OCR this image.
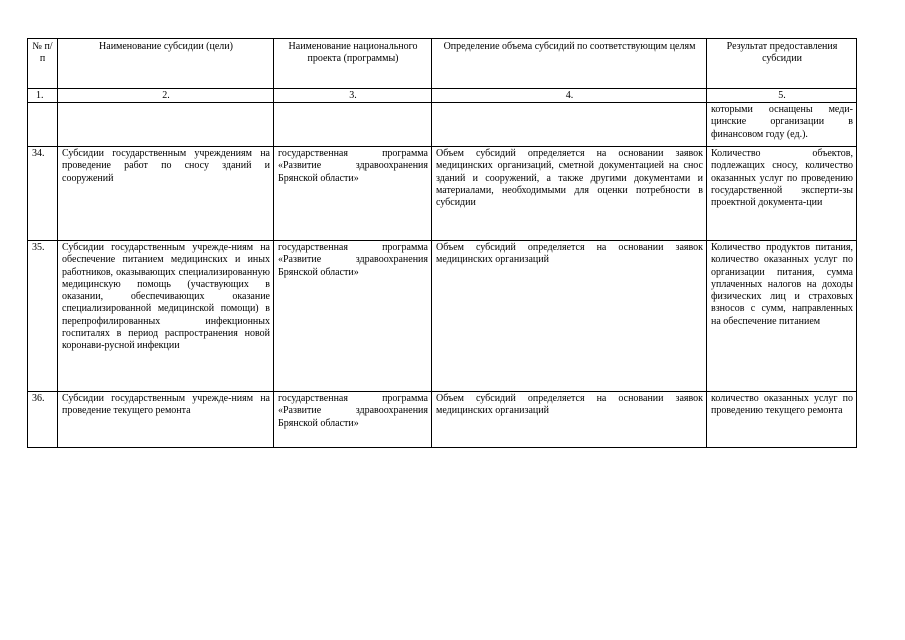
№ п/п	Наименование субсидии (цели)	Наименование национального проекта (программы)	Определение объема субсидий по соответствующим целям	Результат предоставления субсидии
1.	2.	3.	4.	5.
				которыми оснащены меди-цинские организации в финансовом году (ед.).
34.	Субсидии государственным учреждениям на проведение работ по сносу зданий и сооружений	государственная программа «Развитие здравоохранения Брянской области»	Объем субсидий определяется на основании заявок медицинских организаций, сметной документацией на снос зданий и сооружений, а также другими документами и материалами, необходимыми для оценки потребности в субсидии	Количество объектов, подлежащих сносу, количество оказанных услуг по проведению государственной эксперти-зы проектной документа-ции
35.	Субсидии государственным учрежде-ниям на обеспечение питанием медицинских и иных работников, оказывающих специализированную медицинскую помощь (участвующих в оказании, обеспечивающих оказание специализированной медицинской помощи) в перепрофилированных инфекционных госпиталях в период распространения новой коронави-русной инфекции	государственная программа «Развитие здравоохранения Брянской области»	Объем субсидий определяется на основании заявок медицинских организаций	Количество продуктов питания, количество оказанных услуг по организации питания, сумма уплаченных налогов на доходы физических лиц и страховых взносов с сумм, направленных на обеспечение питанием
36.	Субсидии государственным учрежде-ниям на проведение текущего ремонта	государственная программа «Развитие здравоохранения Брянской области»	Объем субсидий определяется на основании заявок медицинских организаций	количество оказанных услуг по проведению текущего ремонта
